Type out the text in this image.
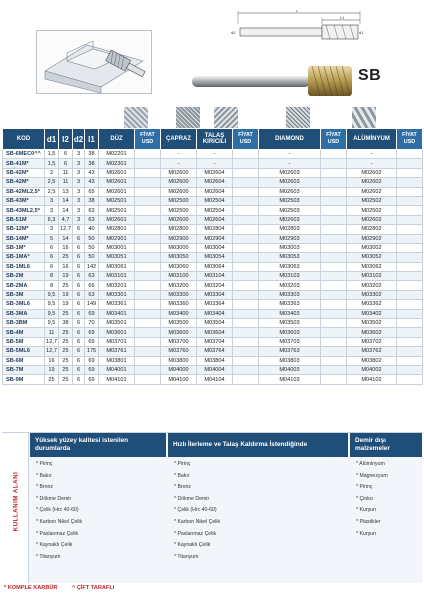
L
L1
d2	d1
SB
KOD	d1	l2	d2	l1	DÜZ	FİYAT USD	ÇAPRAZ	TALAŞ KIRICILI	FİYAT USD	DIAMOND	FİYAT USD	ALÜMİNYUM	FİYAT USD
SB-6MEC0^^	1,5	6	3	38	M02201		-	-		-		-	
SB-41M*	1,5	6	3	38	M02301		-	-		-		-	
SB-42M*	2	11	3	43	M02601		M02600	M02604		M02603		M02602	
SB-42M*	2,5	11	3	43	M02601		M02600	M02604		M02603		M02602	
SB-42ML2,5*	2,5	13	3	65	M02601		M02600	M02604		M02603		M02602	
SB-43M*	3	14	3	38	M02501		M02500	M02504		M02503		M02502	
SB-43ML2,5*	3	14	3	63	M02501		M02500	M02504		M02503		M02502	
SB-51M	6,3	4,7	3	63	M02601		M02600	M02604		M02603		M02602	
SB-12M*	3	12,7	6	40	M02801		M02800	M02804		M02803		M02802	
SB-14M*	5	14	6	50	M02901		M02900	M02904		M02903		M02902	
SB-1M*	6	16	6	50	M03001		M03000	M03004		M03003		M03002	
SB-1MA*	6	25	6	50	M03051		M03050	M03054		M03053		M03052	
SB-1ML6	6	16	6	142	M03061		M03060	M03064		M03063		M03062	
SB-2M	8	19	6	63	M03101		M03100	M03104		M03103		M03102	
SB-2MA	8	25	6	66	M03201		M03200	M03204		M03203		M03202	
SB-3M	9,5	19	6	63	M03301		M03300	M03304		M03303		M03302	
SB-3ML6	9,5	19	6	149	M03361		M03360	M03364		M03363		M03362	
SB-3MA	9,5	25	6	69	M03401		M03400	M03404		M03403		M03402	
SB-3BM	9,5	38	6	70	M03501		M03500	M03504		M03503		M03502	
SB-4M	11	25	6	69	M03601		M03600	M03604		M03603		M03602	
SB-5M	12,7	25	6	69	M03701		M03700	M03704		M03703		M03702	
SB-5ML6	12,7	25	6	175	M03761		M03760	M03764		M03763		M03762	
SB-6M	16	25	6	69	M03801		M03800	M03804		M03803		M03802	
SB-7M	19	25	6	69	M04001		M04000	M04004		M04003		M04002	
SB-9M	25	25	6	69	M04101		M04100	M04104		M04103		M04102	
KULLANIM ALANI
Yüksek yüzey kalitesi istenilen durumlarda
Hızlı İlerleme ve Talaş Kaldırma İstendiğinde
Demir dışı malzemeler
* Pirinç
* Bakır
* Bronz
* Dökme Demir
* Çelik (Hrc 40-60)
* Karbon Nikel Çelik
* Paslanmaz Çelik
* Kaynaklı Çelik
* Titanyum
* Pirinç
* Bakır
* Bronz
* Dökme Demir
* Çelik (Hrc 40-60)
* Karbon Nikel Çelik
* Paslanmaz Çelik
* Kaynaklı Çelik
* Titanyum
* Alüminyum
* Magnezyum
* Pirinç
* Çinko
* Kurşun
* Plastikler
* Kurşun
* KOMPLE KARBÜR	^ ÇİFT TARAFLI
